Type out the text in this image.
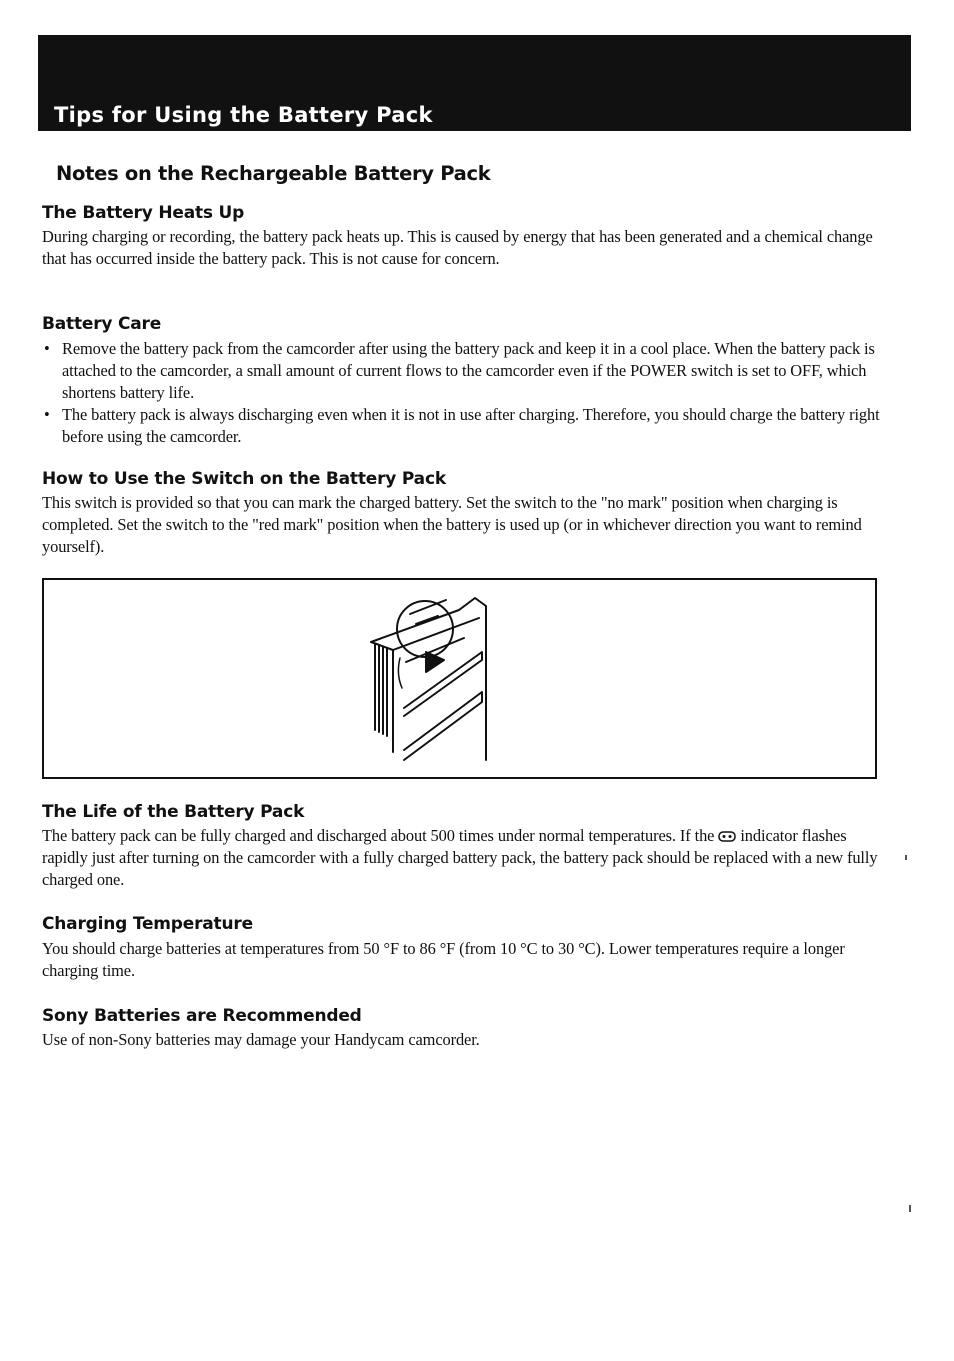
Tips for Using the Battery Pack
Notes on the Rechargeable Battery Pack
The Battery Heats Up

During charging or recording, the battery pack heats up. This is caused by energy that has been generated and a chemical change that has occurred inside the battery pack. This is not cause for concern.

Battery Care
• Remove the battery pack from the camcorder after using the battery pack and keep it in a cool place. When the battery pack is attached to the camcorder, a small amount of current flows to the camcorder even if the POWER switch is set to OFF, which shortens battery life.
• The battery pack is always discharging even when it is not in use after charging. Therefore, you should charge the battery right before using the camcorder.
How to Use the Switch on the Battery Pack

This switch is provided so that you can mark the charged battery. Set the switch to the "no mark" position when charging is completed. Set the switch to the "red mark" position when the battery is used up (or in whichever direction you want to remind yourself).

The Life of the Battery Pack

The battery pack can be fully charged and discharged about 500 times under normal temperatures. If the  indicator flashes rapidly just after turning on the camcorder with a fully charged battery pack, the battery pack should be replaced with a new fully charged one.

Charging Temperature

You should charge batteries at temperatures from 50 °F to 86 °F (from 10 °C to 30 °C). Lower temperatures require a longer charging time.

Sony Batteries are Recommended

Use of non-Sony batteries may damage your Handycam camcorder.
